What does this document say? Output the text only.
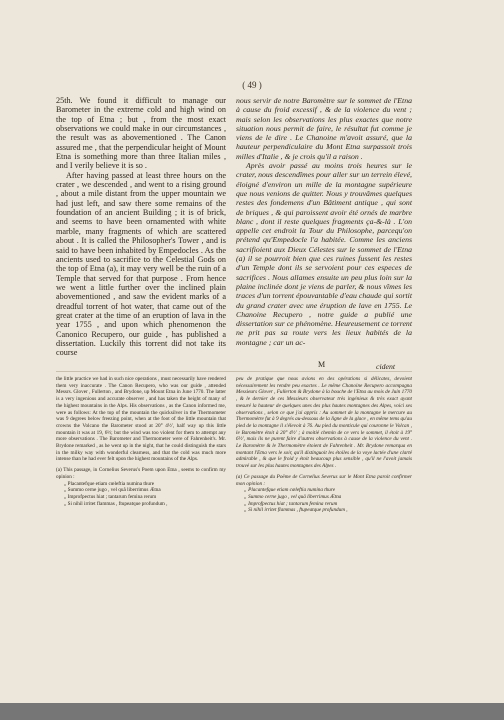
( 49 )

25th. We found it difficult to manage our Barometer in the extreme cold and high wind on the top of Etna ; but , from the most exact observations we could make in our circumstances , the result was as abovementioned . The Canon assured me , that the perpendicular height of Mount Etna is something more than three Italian miles , and I verily believe it is so .

After having passed at least three hours on the crater , we descended , and went to a rising ground , about a mile distant from the upper mountain we had just left, and saw there some remains of the foundation of an ancient Building ; it is of brick, and seems to have been ornamented with white marble, many fragments of which are scattered about . It is called the Philosopher's Tower , and is said to have been inhabited by Empedocles . As the ancients used to sacrifice to the Celestial Gods on the top of Etna (a), it may very well be the ruin of a Temple that served for that purpose . From hence we went a little further over the inclined plain abovementioned , and saw the evident marks of a dreadful torrent of hot water, that came out of the great crater at the time of an eruption of lava in the year 1755 , and upon which phenomenon the Canonico Recupero, our guide , has published a dissertation. Luckily this torrent did not take its course

nous servir de notre Baromètre sur le sommet de l'Etna à cause du froid excessif , & de la violence du vent ; mais selon les observations les plus exactes que notre situation nous permit de faire, le résultat fut comme je viens de le dire . Le Chanoine m'avoit assuré, que la hauteur perpendiculaire du Mont Etna surpassoit trois milles d'Italie , & je crois qu'il a raison .

Après avoir passé au moins trois heures sur le crater, nous descendîmes pour aller sur un terrein élevé, éloigné d'environ un mille de la montagne supérieure que nous venions de quitter. Nous y trouvâmes quelques restes des fondemens d'un Bâtiment antique , qui sont de briques , & qui paroissent avoir été ornés de marbre blanc , dont il reste quelques fragments ça-&-là . L'on appelle cet endroit la Tour du Philosophe, parcequ'on prétend qu'Empedocle l'a habitée. Comme les anciens sacrifioient aux Dieux Célestes sur le sommet de l'Etna (a) il se pourroit bien que ces ruines fussent les restes d'un Temple dont ils se servoient pour ces especes de sacrifices . Nous allames ensuite un peu plus loin sur la plaine inclinée dont je viens de parler, & nous vîmes les traces d'un torrent épouvantable d'eau chaude qui sortit du grand crater avec une éruption de lave en 1755. Le Chanoine Recupero , notre guide a publié une dissertation sur ce phénomène. Heureusement ce torrent ne prit pas sa route vers les lieux habités de la montagne ; car un ac-

M	cident

the little practice we had in such nice operations , must necessarily have rendered them very inaccurate . The Canon Recupero, who was our guide , attended Messrs. Glover , Fullerton , and Brydone, up Mount Etna in June 1770. The latter is a very ingenious and accurate observer , and has taken the height of many of the highest mountains in the Alps. His observations , as the Canon informed me, were as follows: At the top of the mountain the quicksilver in the Thermometer was 9 degrees below freezing point, when at the foot of the little mountain that crowns the Volcano the Barometer stood at 20° 4½′, half way up this little mountain it was at 19, 6½; but the wind was too violent for them to attempt any more observations . The Barometer and Thermometer were of Fahrenheit's. Mr. Brydone remarked , as he went up in the night, that he could distinguish the stars in the milky way with wonderful clearness, and that the cold was much more intense than he had ever felt upon the highest mountains of the Alps.

(a) This passage, in Cornelius Severus's Poem upon Etna , seems to confirm my opinion :

„ Placantefque etiam cœleftia numina thure
„ Summo cerne jugo , vel quâ liberrimus Ætna
„ Improfpectus hiat ; tantarum femina rerum
„ Si nihil irritet flammas , ftupeatque profundum ,

peu de pratique que nous avions en des opérations si délicates, devoient nécessairement les rendre peu exactes . Le même Chanoine Recupero accompagna Messieurs Glover , Fullerton & Brydone à la bouche de l'Etna au mois de Juin 1770 , & le dernier de ces Messieurs observateur très ingénieux & très exact ayant mesuré la hauteur de quelques unes des plus hautes montagnes des Alpes, voici ses observations , selon ce que j'ai appris : Au sommet de la montagne le mercure au Thermomètre fut à 9 degrés au-dessous de la ligne de la glace , en même tems qu'au pied de la montagne il s'élevoit à 76. Au pied du monticule qui couronne le Volcan , le Baromètre étoit à 20° 4½′ ; à moitié chemin de ce vers le sommet, il étoit à 19° 6½′, mais ils ne purent faire d'autres observations à cause de la violence du vent . Le Baromètre & le Thermomètre étoient de Fahrenheit . Mr. Brydone remarqua en montant l'Etna vers le soir, qu'il distinguoit les étoiles de la voye lactée d'une clarté admirable , & que le froid y étoit beaucoup plus sensible , qu'il ne l'avoit jamais trouvé sur les plus hautes montagnes des Alpes .

(a) Ce passage du Poëme de Cornelius Severus sur le Mont Etna paroit confirmer mon opinion :

„ Placantefque etiam cœleftia numina thure
„ Summo cerne jugo , vel quâ liberrimus Ætna
„ Improfpectus hiat ; tantarum femina rerum
„ Si nihil irritet flammas , ftupeatque profundum ,
